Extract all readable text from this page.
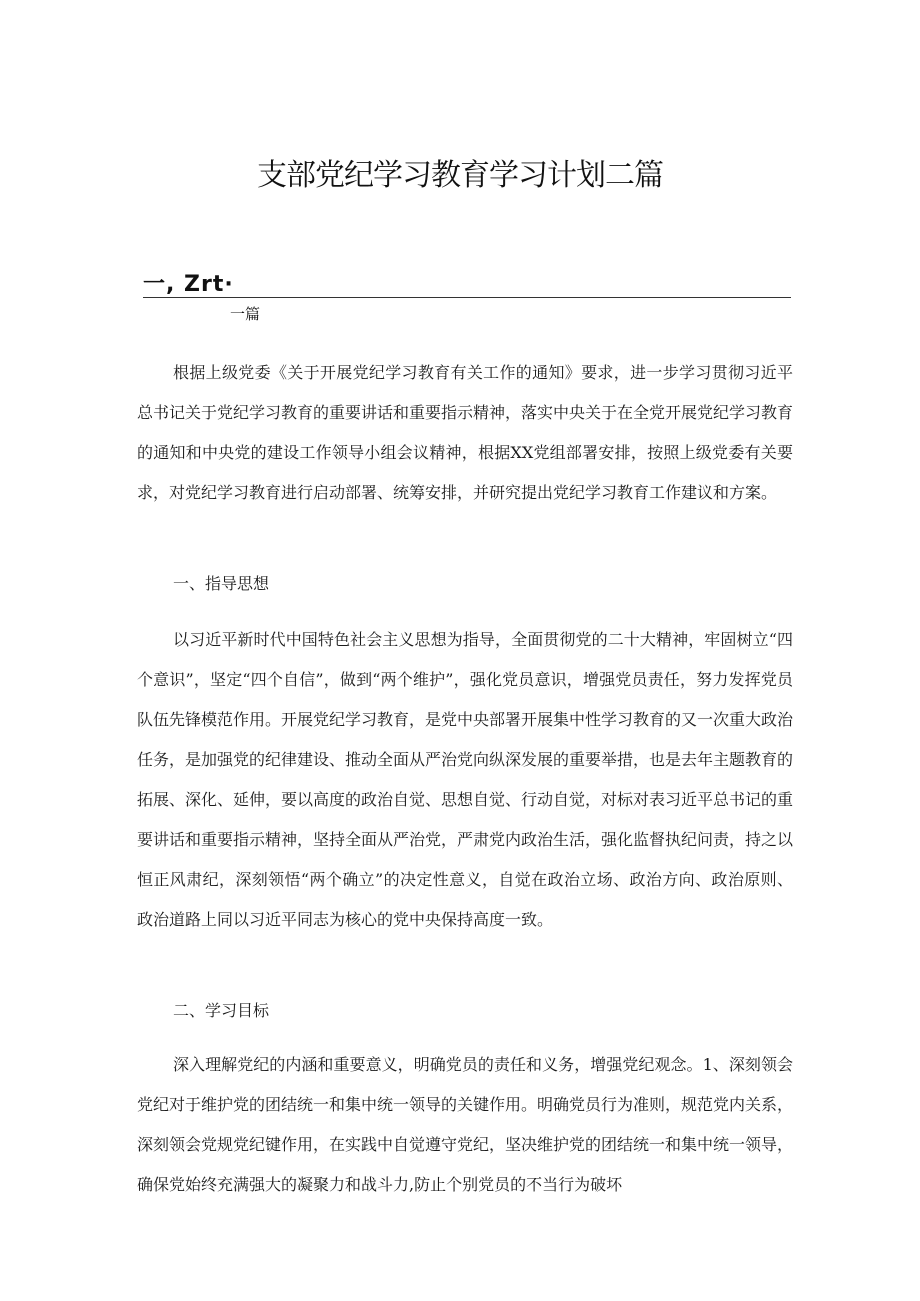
支部党纪学习教育学习计划二篇
一, Zrt·
一篇

根据上级党委《关于开展党纪学习教育有关工作的通知》要求，进一步学习贯彻习近平总书记关于党纪学习教育的重要讲话和重要指示精神，落实中央关于在全党开展党纪学习教育的通知和中央党的建设工作领导小组会议精神，根据XX党组部署安排，按照上级党委有关要求，对党纪学习教育进行启动部署、统筹安排，并研究提出党纪学习教育工作建议和方案。

一、指导思想

以习近平新时代中国特色社会主义思想为指导，全面贯彻党的二十大精神，牢固树立“四个意识”，坚定“四个自信”，做到“两个维护”，强化党员意识，增强党员责任，努力发挥党员队伍先锋模范作用。开展党纪学习教育，是党中央部署开展集中性学习教育的又一次重大政治任务，是加强党的纪律建设、推动全面从严治党向纵深发展的重要举措，也是去年主题教育的拓展、深化、延伸，要以高度的政治自觉、思想自觉、行动自觉，对标对表习近平总书记的重要讲话和重要指示精神，坚持全面从严治党，严肃党内政治生活，强化监督执纪问责，持之以恒正风肃纪，深刻领悟“两个确立”的决定性意义，自觉在政治立场、政治方向、政治原则、政治道路上同以习近平同志为核心的党中央保持高度一致。

二、学习目标

深入理解党纪的内涵和重要意义，明确党员的责任和义务，增强党纪观念。1、深刻领会党纪对于维护党的团结统一和集中统一领导的关键作用。明确党员行为准则，规范党内关系，深刻领会党规党纪键作用，在实践中自觉遵守党纪，坚决维护党的团结统一和集中统一领导，确保党始终充满强大的凝聚力和战斗力,防止个别党员的不当行为破坏
